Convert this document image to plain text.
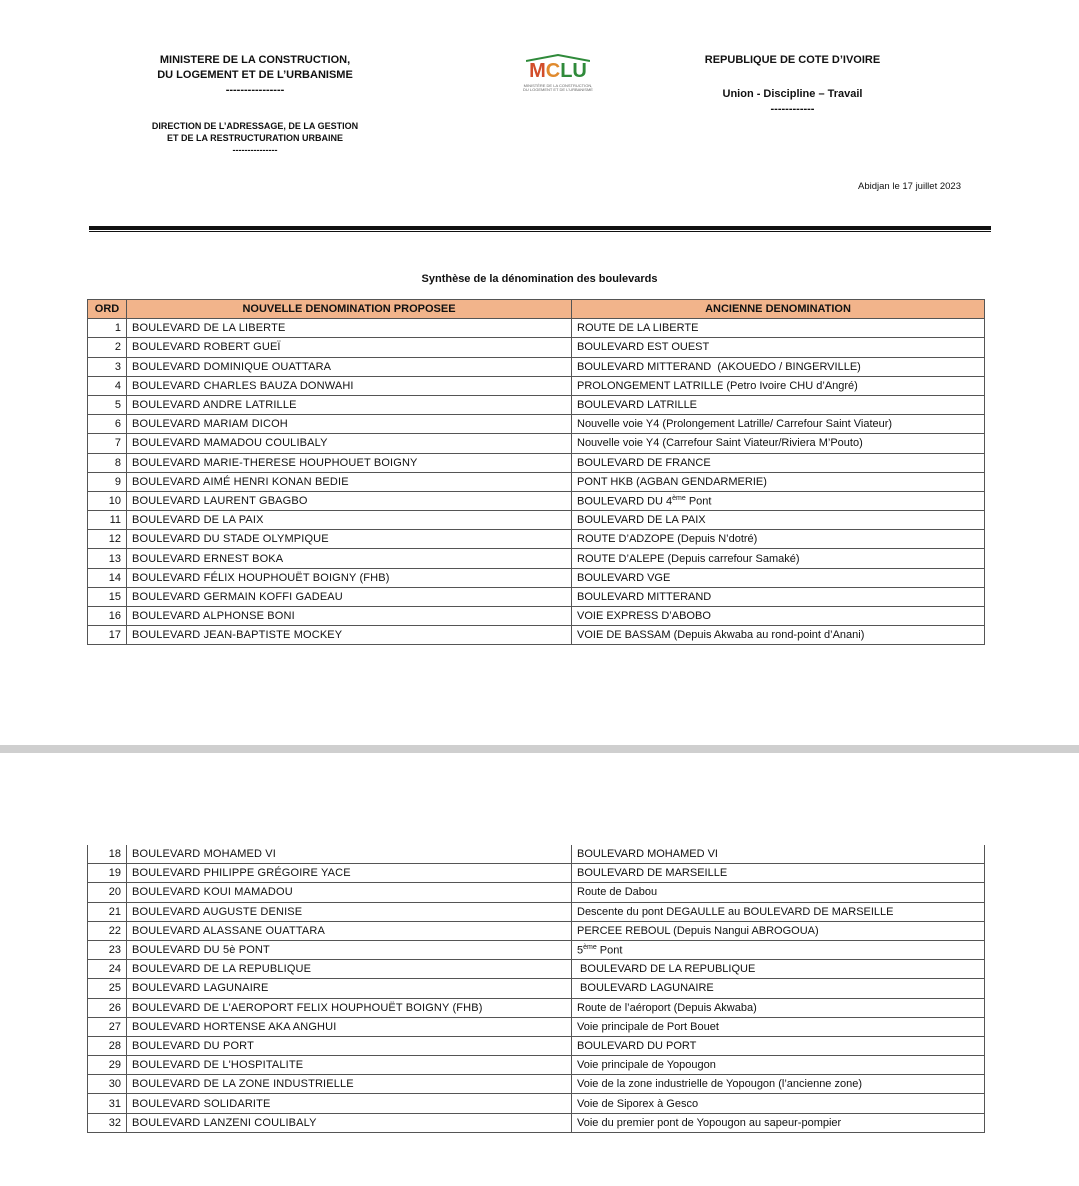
MINISTERE DE LA CONSTRUCTION,
DU LOGEMENT ET DE L’URBANISME
----------------
DIRECTION DE L’ADRESSAGE, DE LA GESTION
ET DE LA RESTRUCTURATION URBAINE
---------------
MCLU
MINISTÈRE DE LA CONSTRUCTION,
DU LOGEMENT ET DE L'URBANISME
REPUBLIQUE DE COTE D’IVOIRE
Union - Discipline – Travail
------------
Abidjan le 17 juillet 2023
Synthèse de la dénomination des boulevards
ORD	NOUVELLE DENOMINATION PROPOSEE	ANCIENNE DENOMINATION
1	BOULEVARD DE LA LIBERTE	ROUTE DE LA LIBERTE
2	BOULEVARD ROBERT GUEÏ	BOULEVARD EST OUEST
3	BOULEVARD DOMINIQUE OUATTARA	BOULEVARD MITTERAND  (AKOUEDO / BINGERVILLE)
4	BOULEVARD CHARLES BAUZA DONWAHI	PROLONGEMENT LATRILLE (Petro Ivoire CHU d’Angré)
5	BOULEVARD ANDRE LATRILLE	BOULEVARD LATRILLE
6	BOULEVARD MARIAM DICOH	Nouvelle voie Y4 (Prolongement Latrille/ Carrefour Saint Viateur)
7	BOULEVARD MAMADOU COULIBALY	Nouvelle voie Y4 (Carrefour Saint Viateur/Riviera M’Pouto)
8	BOULEVARD MARIE-THERESE HOUPHOUET BOIGNY	BOULEVARD DE FRANCE
9	BOULEVARD AIMÉ HENRI KONAN BEDIE	PONT HKB (AGBAN GENDARMERIE)
10	BOULEVARD LAURENT GBAGBO	BOULEVARD DU 4ème Pont
11	BOULEVARD DE LA PAIX	BOULEVARD DE LA PAIX
12	BOULEVARD DU STADE OLYMPIQUE	ROUTE D’ADZOPE (Depuis N’dotré)
13	BOULEVARD ERNEST BOKA	ROUTE D’ALEPE (Depuis carrefour Samaké)
14	BOULEVARD FÉLIX HOUPHOUËT BOIGNY (FHB)	BOULEVARD VGE
15	BOULEVARD GERMAIN KOFFI GADEAU	BOULEVARD MITTERAND
16	BOULEVARD ALPHONSE BONI	VOIE EXPRESS D’ABOBO
17	BOULEVARD JEAN-BAPTISTE MOCKEY	VOIE DE BASSAM (Depuis Akwaba au rond-point d’Anani)
18	BOULEVARD MOHAMED VI	BOULEVARD MOHAMED VI
19	BOULEVARD PHILIPPE GRÉGOIRE YACE	BOULEVARD DE MARSEILLE
20	BOULEVARD KOUI MAMADOU	Route de Dabou
21	BOULEVARD AUGUSTE DENISE	Descente du pont DEGAULLE au BOULEVARD DE MARSEILLE
22	BOULEVARD ALASSANE OUATTARA	PERCEE REBOUL (Depuis Nangui ABROGOUA)
23	BOULEVARD DU 5è PONT	5ème Pont
24	BOULEVARD DE LA REPUBLIQUE	BOULEVARD DE LA REPUBLIQUE
25	BOULEVARD LAGUNAIRE	BOULEVARD LAGUNAIRE
26	BOULEVARD DE L'AEROPORT FELIX HOUPHOUËT BOIGNY (FHB)	Route de l’aéroport (Depuis Akwaba)
27	BOULEVARD HORTENSE AKA ANGHUI	Voie principale de Port Bouet
28	BOULEVARD DU PORT	BOULEVARD DU PORT
29	BOULEVARD DE L'HOSPITALITE	Voie principale de Yopougon
30	BOULEVARD DE LA ZONE INDUSTRIELLE	Voie de la zone industrielle de Yopougon (l’ancienne zone)
31	BOULEVARD SOLIDARITE	Voie de Siporex à Gesco
32	BOULEVARD LANZENI COULIBALY	Voie du premier pont de Yopougon au sapeur-pompier
